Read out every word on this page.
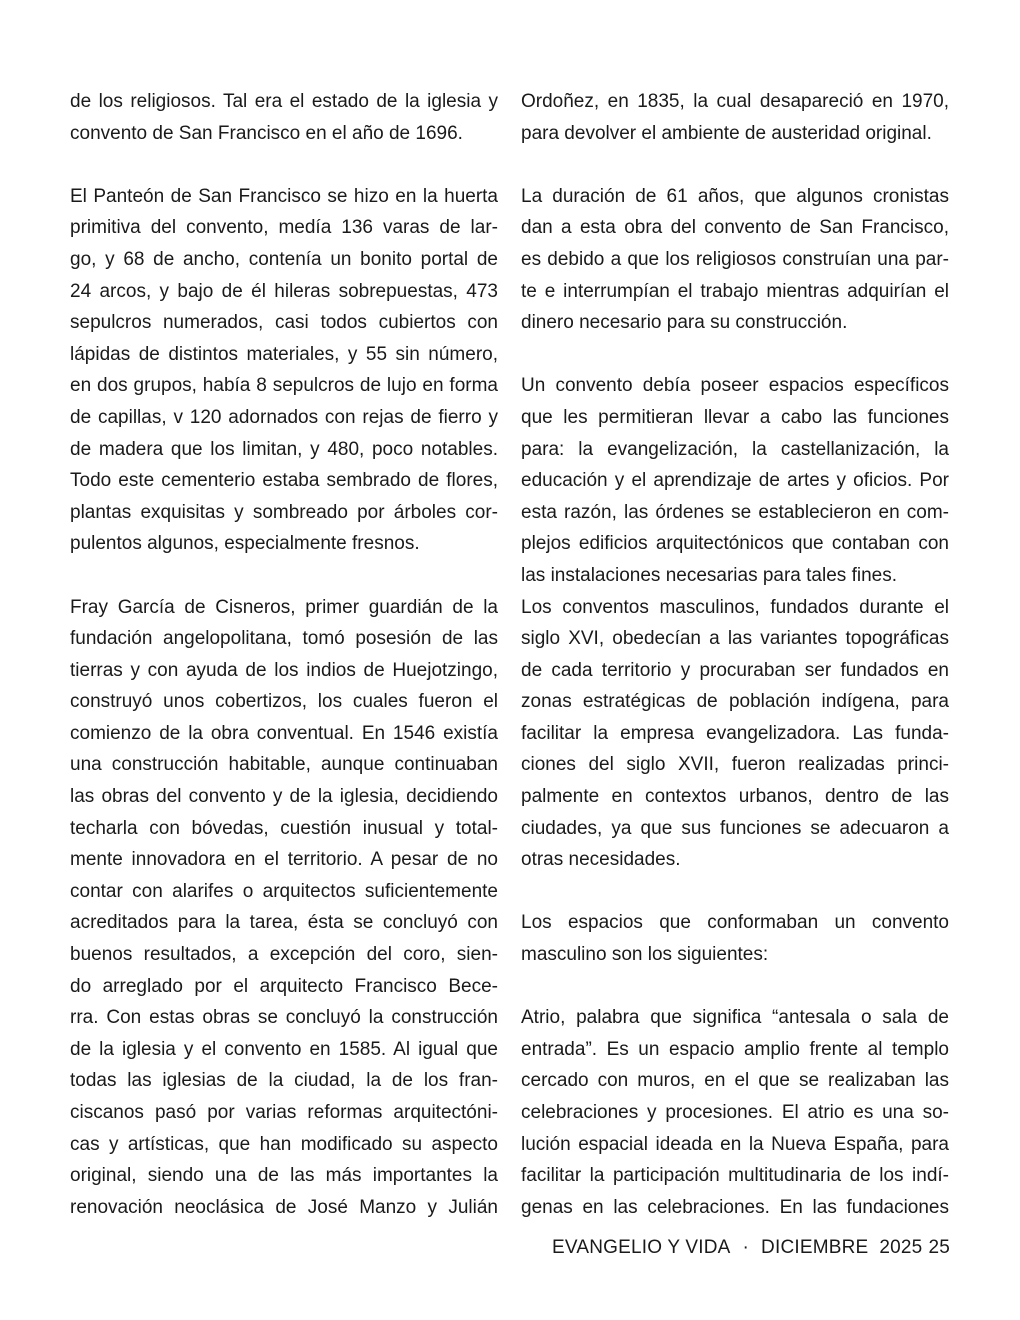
de los religiosos. Tal era el estado de la iglesia y
convento de San Francisco en el año de 1696.
El Panteón de San Francisco se hizo en la huerta
primitiva del convento, medía 136 varas de lar-
go, y 68 de ancho, contenía un bonito portal de
24 arcos, y bajo de él hileras sobrepuestas, 473
sepulcros numerados, casi todos cubiertos con
lápidas de distintos materiales, y 55 sin número,
en dos grupos, había 8 sepulcros de lujo en forma
de capillas, v 120 adornados con rejas de fierro y
de madera que los limitan, y 480, poco notables.
Todo este cementerio estaba sembrado de flores,
plantas exquisitas y sombreado por árboles cor-
pulentos algunos, especialmente fresnos.
Fray García de Cisneros, primer guardián de la
fundación angelopolitana, tomó posesión de las
tierras y con ayuda de los indios de Huejotzingo,
construyó unos cobertizos, los cuales fueron el
comienzo de la obra conventual. En 1546 existía
una construcción habitable, aunque continuaban
las obras del convento y de la iglesia, decidiendo
techarla con bóvedas, cuestión inusual y total-
mente innovadora en el territorio. A pesar de no
contar con alarifes o arquitectos suficientemente
acreditados para la tarea, ésta se concluyó con
buenos resultados, a excepción del coro, sien-
do arreglado por el arquitecto Francisco Bece-
rra. Con estas obras se concluyó la construcción
de la iglesia y el convento en 1585. Al igual que
todas las iglesias de la ciudad, la de los fran-
ciscanos pasó por varias reformas arquitectóni-
cas y artísticas, que han modificado su aspecto
original, siendo una de las más importantes la
renovación neoclásica de José Manzo y Julián
Ordoñez, en 1835, la cual desapareció en 1970,
para devolver el ambiente de austeridad original.
La duración de 61 años, que algunos cronistas
dan a esta obra del convento de San Francisco,
es debido a que los religiosos construían una par-
te e interrumpían el trabajo mientras adquirían el
dinero necesario para su construcción.
Un convento debía poseer espacios específicos
que les permitieran llevar a cabo las funciones
para: la evangelización, la castellanización, la
educación y el aprendizaje de artes y oficios. Por
esta razón, las órdenes se establecieron en com-
plejos edificios arquitectónicos que contaban con
las instalaciones necesarias para tales fines.
Los conventos masculinos, fundados durante el
siglo XVI, obedecían a las variantes topográficas
de cada territorio y procuraban ser fundados en
zonas estratégicas de población indígena, para
facilitar la empresa evangelizadora. Las funda-
ciones del siglo XVII, fueron realizadas princi-
palmente en contextos urbanos, dentro de las
ciudades, ya que sus funciones se adecuaron a
otras necesidades.
Los espacios que conformaban un convento
masculino son los siguientes:
Atrio, palabra que significa “antesala o sala de
entrada”. Es un espacio amplio frente al templo
cercado con muros, en el que se realizaban las
celebraciones y procesiones. El atrio es una so-
lución espacial ideada en la Nueva España, para
facilitar la participación multitudinaria de los indí-
genas en las celebraciones. En las fundaciones
EVANGELIO Y VIDA · DICIEMBRE  2025 25
